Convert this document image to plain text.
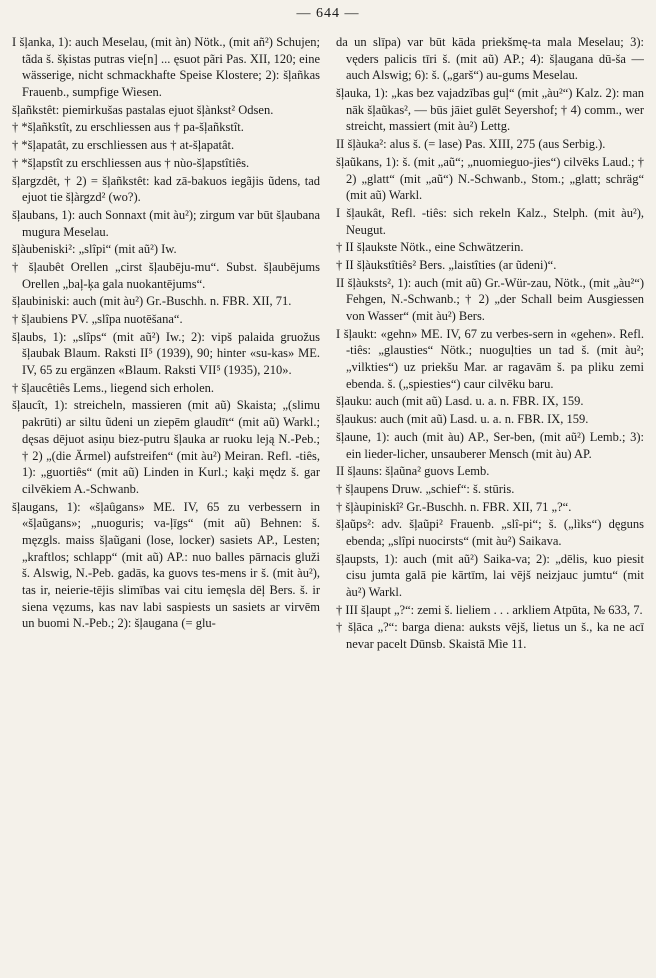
— 644 —

I šļanka, 1): auch Meselau, (mit àn) Nötk., (mit añ²) Schujen; tãda š. šķistas putras vie[n] ... ęsuot pãri Pas. XII, 120; eine wässerige, nicht schmackhafte Speise Klostere; 2): šļañkas Frauenb., sumpfige Wiesen.

šļañkstêt: piemirkušas pastalas ejuot šļànkst² Odsen.

† *šļañkstît, zu erschliessen aus † pa-šļañkstît.

† *šļapatât, zu erschliessen aus † at-šļapatât.

† *šļapstît zu erschliessen aus † nùo-šļapstîtiês.

šļargzdêt, † 2) = šļañkstêt: kad zā-bakuos iegãjis ũdens, tad ejuot tie šļàrgzd² (wo?).

šļaubans, 1): auch Sonnaxt (mit àu²); zirgum var būt šļaubana mugura Meselau.

šļàubeniski²: „slîpi“ (mit aũ²) Iw.

† šļaubêt Orellen „cirst šļaubēju-mu“. Subst. šļaubējums Orellen „baļ-ķa gala nuokantējums“.

šļaubiniski: auch (mit àu²) Gr.-Buschh. n. FBR. XII, 71.

† šļaubiens PV. „slîpa nuotēšana“.

šļaubs, 1): „slîps“ (mit aũ²) Iw.; 2): vipš palaida gruožus šļaubak Blaum. Raksti II⁵ (1939), 90; hinter «su-kas» ME. IV, 65 zu ergänzen «Blaum. Raksti VII⁵ (1935), 210».

† šļaucêtiês Lems., liegend sich erholen.

šļaucît, 1): streicheln, massieren (mit aũ) Skaista; „(slimu pakrūti) ar siltu ũdeni un ziepēm glaudīt“ (mit aũ) Warkl.; dęsas dējuot asiņu biez-putru šļauka ar ruoku leją N.-Peb.; † 2) „(die Ärmel) aufstreifen“ (mit àu²) Meiran. Refl. -tiês, 1): „guortiês“ (mit aũ) Linden in Kurl.; kaķi mędz š. gar cilvēkiem A.-Schwanb.

šļaugans, 1): «šļaûgans» ME. IV, 65 zu verbessern in «šļaũgans»; „nuoguris; va-ļīgs“ (mit aũ) Behnen: š. męzgls. maiss šļaũgani (lose, locker) sasiets AP., Lesten; „kraftlos; schlapp“ (mit aũ) AP.: nuo balles pārnacis gluži š. Alswig, N.-Peb. gadās, ka guovs tes-mens ir š. (mit àu²), tas ir, neierie-tējis slimības vai citu iemęsla dēļ Bers. š. ir siena vęzums, kas nav labi saspiests un sasiets ar virvēm un buomi N.-Peb.; 2): šļaugana (= glu-

da un slīpa) var būt kāda priekšmę-ta mala Meselau; 3): vęders palicis tīri š. (mit aũ) AP.; 4): šļaugana dū-ša — auch Alswig; 6): š. („garš“) au-gums Meselau.

šļauka, 1): „kas bez vajadzības guļ“ (mit „àu²“) Kalz. 2): man nāk šļaũkas², — būs jāiet gulēt Seyershof; † 4) comm., wer streicht, massiert (mit àu²) Lettg.

II šļàuka²: alus š. (= lase) Pas. XIII, 275 (aus Serbig.).

šļaũkans, 1): š. (mit „aũ“; „nuomieguo-jies“) cilvēks Laud.; † 2) „glatt“ (mit „aũ“) N.-Schwanb., Stom.; „glatt; schräg“ (mit aũ) Warkl.

I šļaukât, Refl. -tiês: sich rekeln Kalz., Stelph. (mit àu²), Neugut.

† II šļaukste Nötk., eine Schwätzerin.

† II šļàukstîtiês² Bers. „laistîties (ar ũdeni)“.

II šļàuksts², 1): auch (mit aũ) Gr.-Wür-zau, Nötk., (mit „àu²“) Fehgen, N.-Schwanb.; † 2) „der Schall beim Ausgiessen von Wasser“ (mit àu²) Bers.

I šļaukt: «gehn» ME. IV, 67 zu verbes-sern in «gehen». Refl. -tiês: „glausties“ Nötk.; nuoguļties un tad š. (mit àu²; „vilkties“) uz priekšu Mar. ar ragavām š. pa pliku zemi ebenda. š. („spiesties“) caur cilvēku baru.

šļauku: auch (mit aũ) Lasd. u. a. n. FBR. IX, 159.

šļaukus: auch (mit aũ) Lasd. u. a. n. FBR. IX, 159.

šļaune, 1): auch (mit àu) AP., Ser-ben, (mit aũ²) Lemb.; 3): ein lieder-licher, unsauberer Mensch (mit àu) AP.

II šļauns: šļaũna² guovs Lemb.

† šļaupens Druw. „schief“: š. stūris.

† šļàupiniskî² Gr.-Buschh. n. FBR. XII, 71 „?“.

šļaũps²: adv. šļaũpi² Frauenb. „slî-pi“; š. („lìks“) dęguns ebenda; „slîpi nuocirsts“ (mit àu²) Saikava.

šļaupsts, 1): auch (mit aũ²) Saika-va; 2): „dēlis, kuo piesit cisu jumta galā pie kārtīm, lai vējš neizjauc jumtu“ (mit àu²) Warkl.

† III šļaupt „?“: zemi š. lieliem . . . arkliem Atpūta, № 633, 7.

† šļāca „?“: barga diena: auksts vējš, lietus un š., ka ne acī nevar pacelt Dūnsb. Skaistā Mìe 11.
